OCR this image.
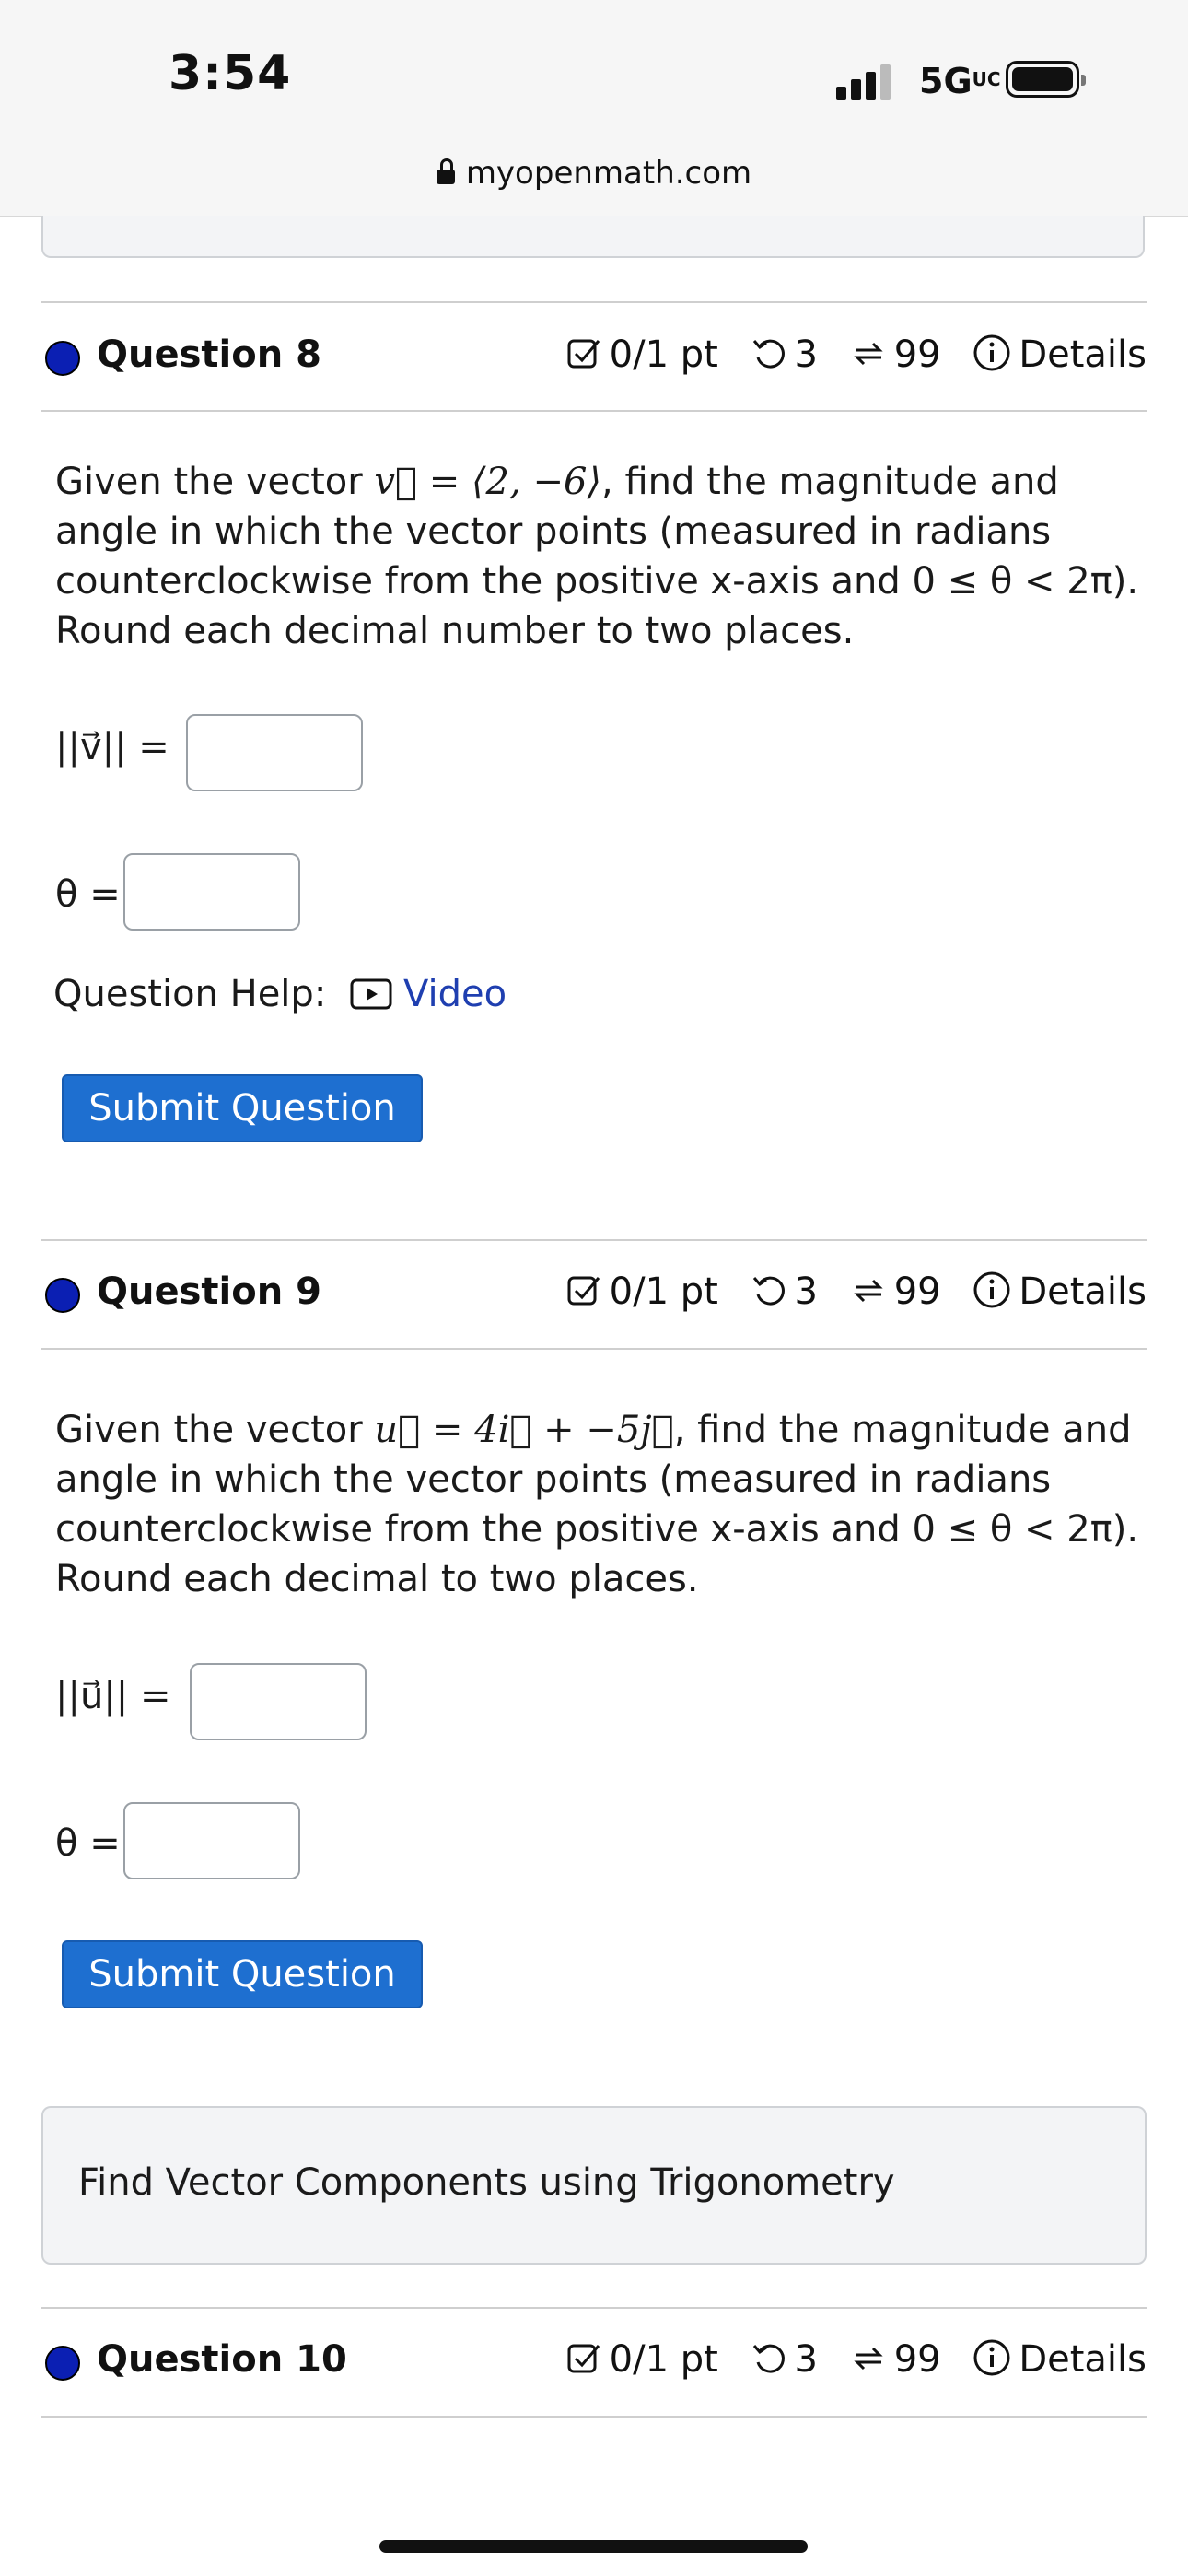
3:54	$5G^{UC}$
myopenmath.com
Question 8	0/1 pt 3 99 Details
Given the vector v⃗ = ⟨2, −6⟩, find the magnitude and angle in which the vector points (measured in radians counterclockwise from the positive x-axis and 0 ≤ θ < 2π). Round each decimal number to two places.
||v⃗|| =
θ =
Question Help:	Video
Submit Question
Question 9	0/1 pt 3 99 Details
Given the vector u⃗ = 4i⃗ + −5j⃗, find the magnitude and angle in which the vector points (measured in radians counterclockwise from the positive x-axis and 0 ≤ θ < 2π). Round each decimal to two places.
||u⃗|| =
θ =
Submit Question
Find Vector Components using Trigonometry
Question 10	0/1 pt 3 99 Details
